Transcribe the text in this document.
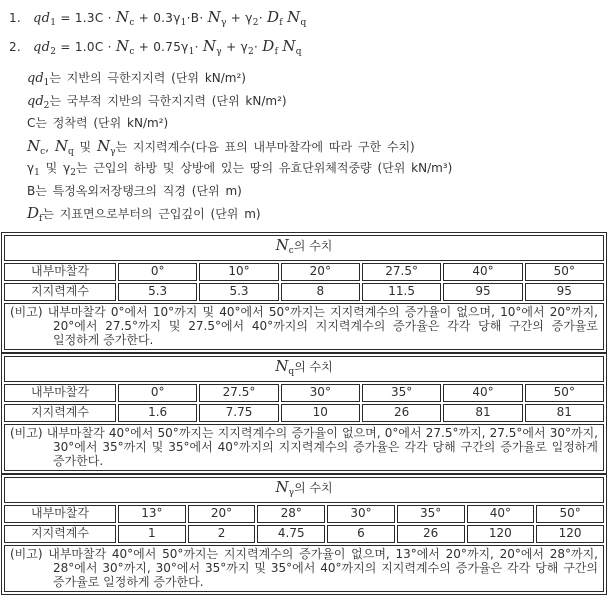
1. $qd_1 = 1.3C \cdot N_c + 0.3\gamma_1\cdot B\cdot N_\gamma + \gamma_2\cdot D_f$ $N_q$
2. $qd_2 = 1.0C \cdot N_c + 0.75\gamma_1\cdot N_\gamma + \gamma_2\cdot D_f$ $N_q$
$qd_1$는 지반의 극한지지력 (단위 kN/m²)
$qd_2$는 국부적 지반의 극한지지력 (단위 kN/m²)
C는 정착력 (단위 kN/m²)
$N_c$, $N_q$ 및 $N_\gamma$는 지지력계수(다음 표의 내부마찰각에 따라 구한 수치)
$\gamma_1$ 및 $\gamma_2$는 근입의 하방 및 상방에 있는 땅의 유효단위체적중량 (단위 kN/m³)
B는 특정옥외저장탱크의 직경 (단위 m)
$D_f$는 지표면으로부터의 근입깊이 (단위 m)
$N_c$의 수치						
내부마찰각	0°	10°	20°	27.5°	40°	50°
지지력계수	5.3	5.3	8	11.5	95	95
(비고) 내부마찰각 0°에서 10°까지 및 40°에서 50°까지는 지지력계수의 증가율이 없으며, 10°에서 20°까지, 20°에서 27.5°까지 및 27.5°에서 40°까지의 지지력계수의 증가율은 각각 당해 구간의 증가율로 일정하게 증가한다.						
$N_q$의 수치						
내부마찰각	0°	27.5°	30°	35°	40°	50°
지지력계수	1.6	7.75	10	26	81	81
(비고) 내부마찰각 40°에서 50°까지는 지지력계수의 증가율이 없으며, 0°에서 27.5°까지, 27.5°에서 30°까지, 30°에서 35°까지 및 35°에서 40°까지의 지지력계수의 증가율은 각각 당해 구간의 증가율로 일정하게 증가한다.						
$N_\gamma$의 수치							
내부마찰각	13°	20°	28°	30°	35°	40°	50°
지지력계수	1	2	4.75	6	26	120	120
(비고) 내부마찰각 40°에서 50°까지는 지지력계수의 증가율이 없으며, 13°에서 20°까지, 20°에서 28°까지, 28°에서 30°까지, 30°에서 35°까지 및 35°에서 40°까지의 지지력계수의 증가율은 각각 당해 구간의 증가율로 일정하게 증가한다.							
